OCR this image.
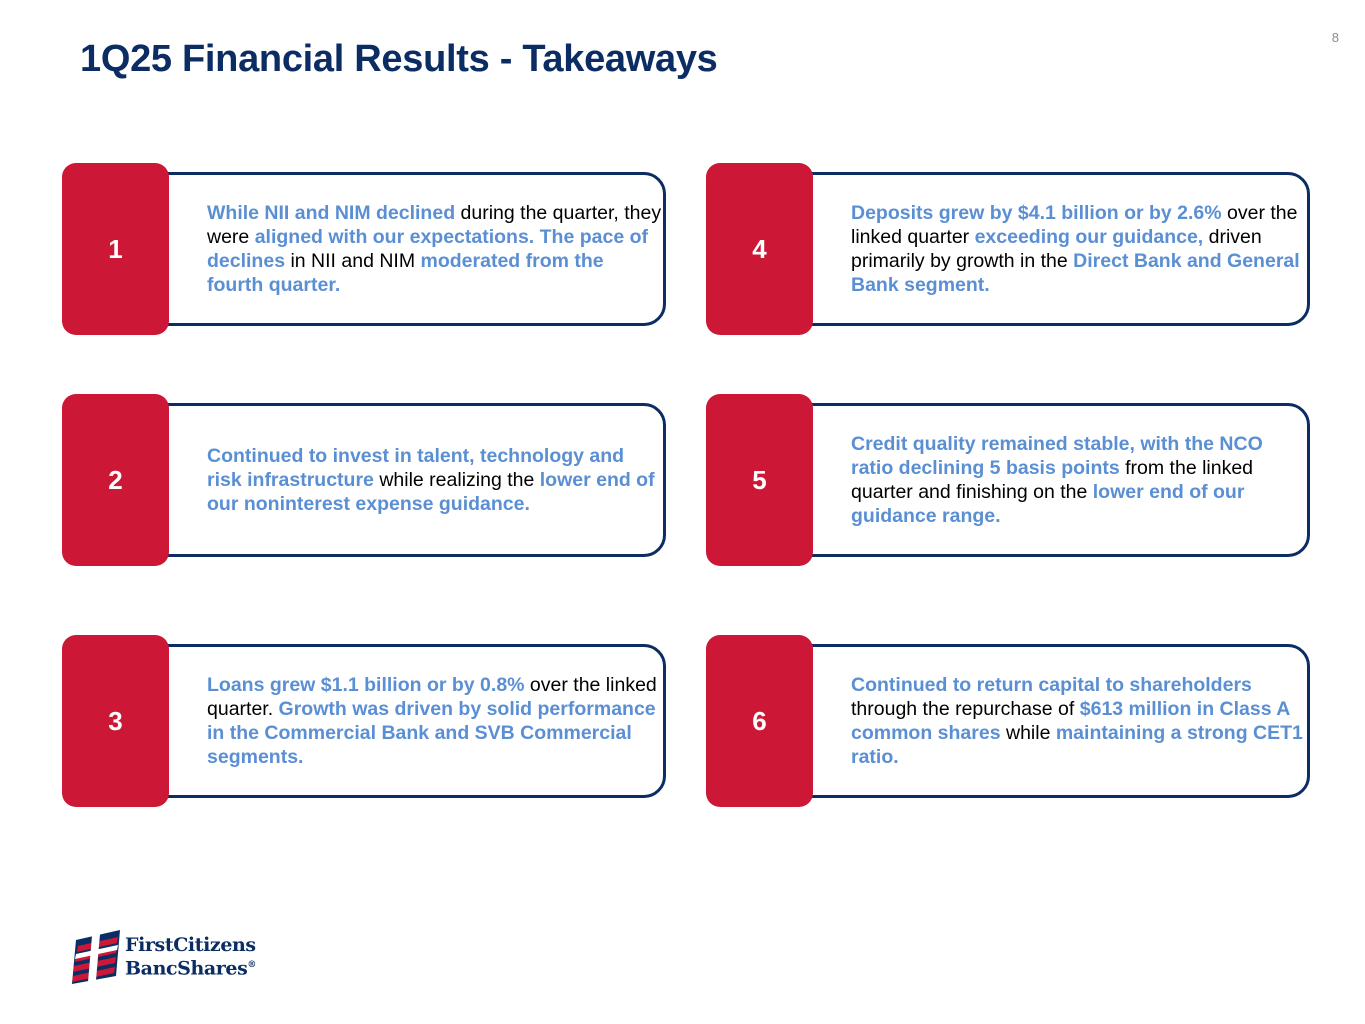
8
1Q25 Financial Results - Takeaways
1

While NII and NIM declined during the quarter, they were aligned with our expectations. The pace of declines in NII and NIM moderated from the fourth quarter.

2

Continued to invest in talent, technology and risk infrastructure while realizing the lower end of our noninterest expense guidance.

3

Loans grew $1.1 billion or by 0.8% over the linked quarter. Growth was driven by solid performance in the Commercial Bank and SVB Commercial segments.

4

Deposits grew by $4.1 billion or by 2.6% over the linked quarter exceeding our guidance, driven primarily by growth in the Direct Bank and General Bank segment.

5

Credit quality remained stable, with the NCO ratio declining 5 basis points from the linked quarter and finishing on the lower end of our guidance range.

6

Continued to return capital to shareholders through the repurchase of $613 million in Class A common shares while maintaining a strong CET1 ratio.

FirstCitizens
BancShares®
